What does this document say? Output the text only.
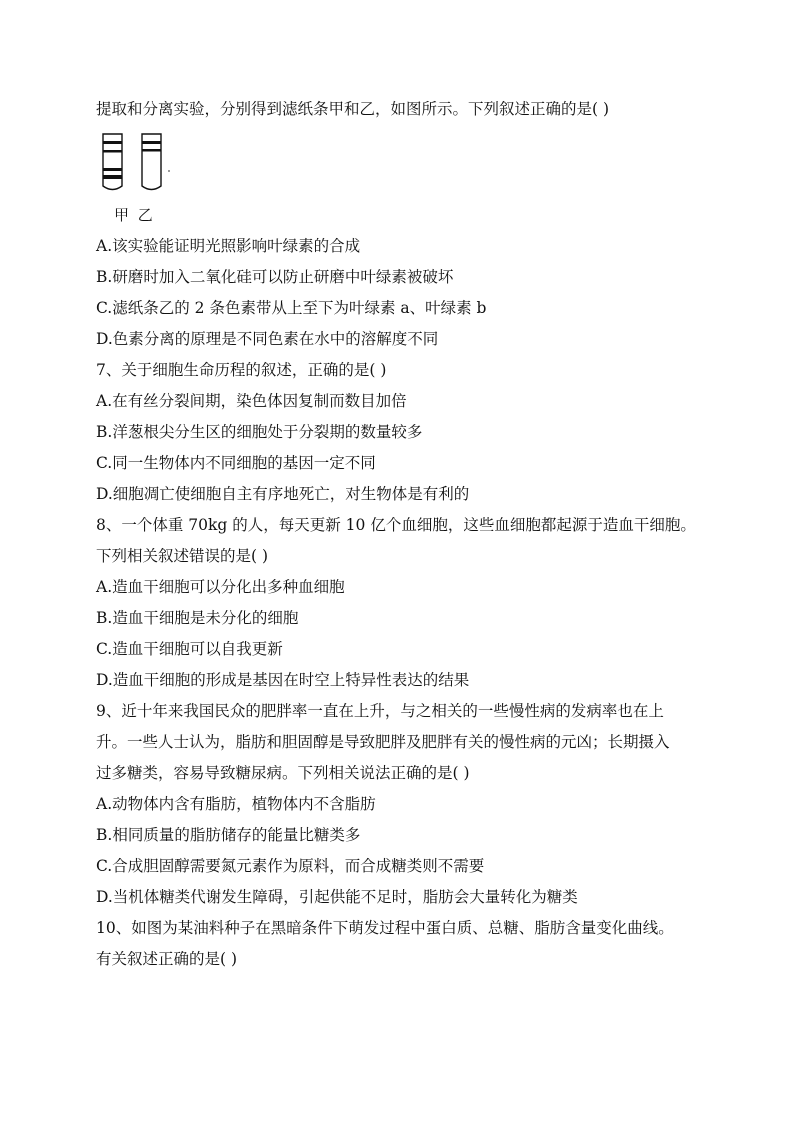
提取和分离实验，分别得到滤纸条甲和乙，如图所示。下列叙述正确的是( )
甲 乙
A.该实验能证明光照影响叶绿素的合成
B.研磨时加入二氧化硅可以防止研磨中叶绿素被破坏
C.滤纸条乙的 2 条色素带从上至下为叶绿素 a、叶绿素 b
D.色素分离的原理是不同色素在水中的溶解度不同
7、关于细胞生命历程的叙述，正确的是( )
A.在有丝分裂间期，染色体因复制而数目加倍
B.洋葱根尖分生区的细胞处于分裂期的数量较多
C.同一生物体内不同细胞的基因一定不同
D.细胞凋亡使细胞自主有序地死亡，对生物体是有利的
8、一个体重 70kg 的人，每天更新 10 亿个血细胞，这些血细胞都起源于造血干细胞。
下列相关叙述错误的是( )
A.造血干细胞可以分化出多种血细胞
B.造血干细胞是未分化的细胞
C.造血干细胞可以自我更新
D.造血干细胞的形成是基因在时空上特异性表达的结果
9、近十年来我国民众的肥胖率一直在上升，与之相关的一些慢性病的发病率也在上
升。一些人士认为，脂肪和胆固醇是导致肥胖及肥胖有关的慢性病的元凶；长期摄入
过多糖类，容易导致糖尿病。下列相关说法正确的是( )
A.动物体内含有脂肪，植物体内不含脂肪
B.相同质量的脂肪储存的能量比糖类多
C.合成胆固醇需要氮元素作为原料，而合成糖类则不需要
D.当机体糖类代谢发生障碍，引起供能不足时，脂肪会大量转化为糖类
10、如图为某油料种子在黑暗条件下萌发过程中蛋白质、总糖、脂肪含量变化曲线。
有关叙述正确的是( )
